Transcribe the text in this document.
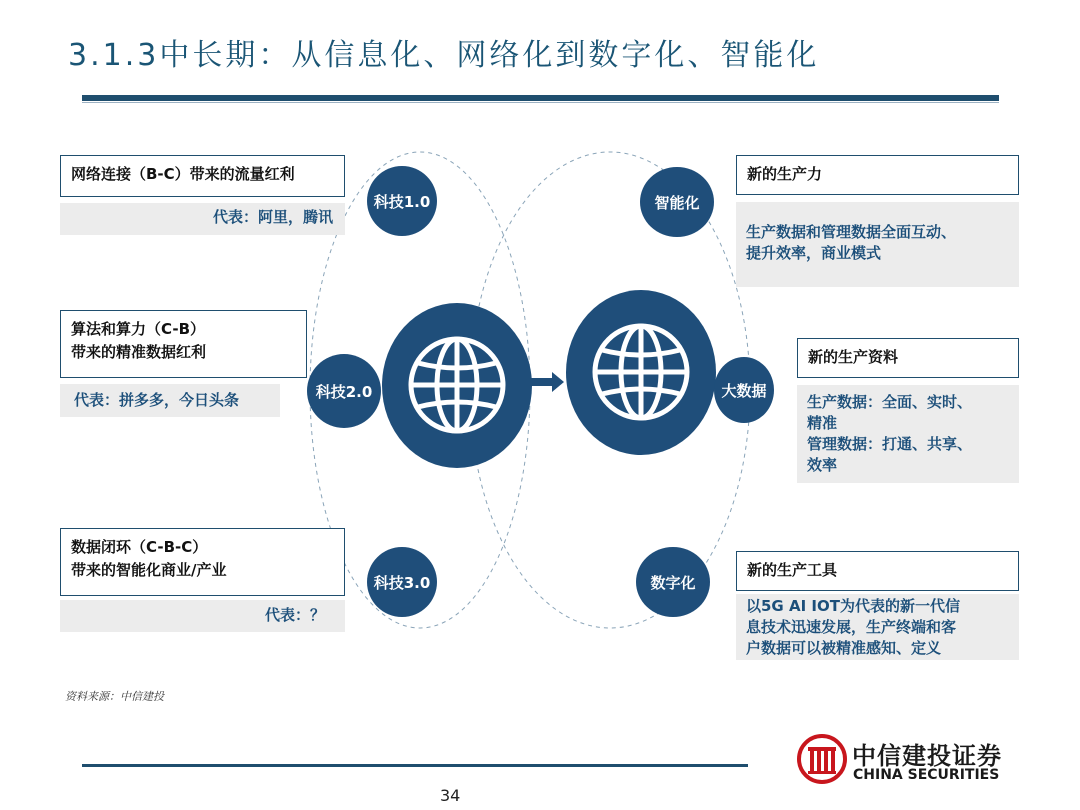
3.1.3中长期：从信息化、网络化到数字化、智能化
网络连接（B-C）带来的流量红利
代表：阿里，腾讯
算法和算力（C-B）
带来的精准数据红利
代表：拼多多，今日头条
数据闭环（C-B-C）
带来的智能化商业/产业
代表：？
科技1.0
科技2.0
科技3.0
智能化
大数据
数字化
新的生产力
生产数据和管理数据全面互动、
提升效率，商业模式
新的生产资料
生产数据：全面、实时、
精准
管理数据：打通、共享、
效率
新的生产工具
以5G AI IOT为代表的新一代信
息技术迅速发展，生产终端和客
户数据可以被精准感知、定义
资料来源：中信建投
34
中信建投证券
CHINA SECURITIES
